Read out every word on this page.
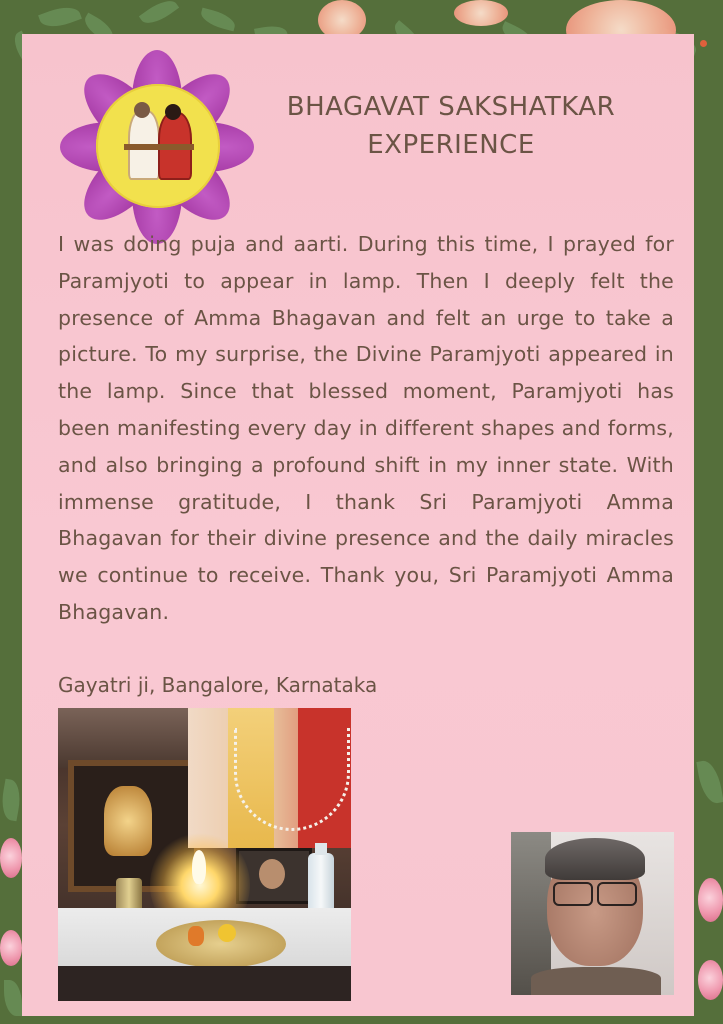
BHAGAVAT SAKSHATKAR
EXPERIENCE

I was doing puja and aarti. During this time, I prayed for Paramjyoti to appear in lamp. Then I deeply felt the presence of Amma Bhagavan and felt an urge to take a picture. To my surprise, the Divine Paramjyoti appeared in the lamp. Since that blessed moment, Paramjyoti has been manifesting every day in different shapes and forms, and also bringing a profound shift in my inner state. With immense gratitude, I thank Sri Paramjyoti Amma Bhagavan for their divine presence and the daily miracles we continue to receive. Thank you, Sri Paramjyoti Amma Bhagavan.

Gayatri ji, Bangalore, Karnataka
